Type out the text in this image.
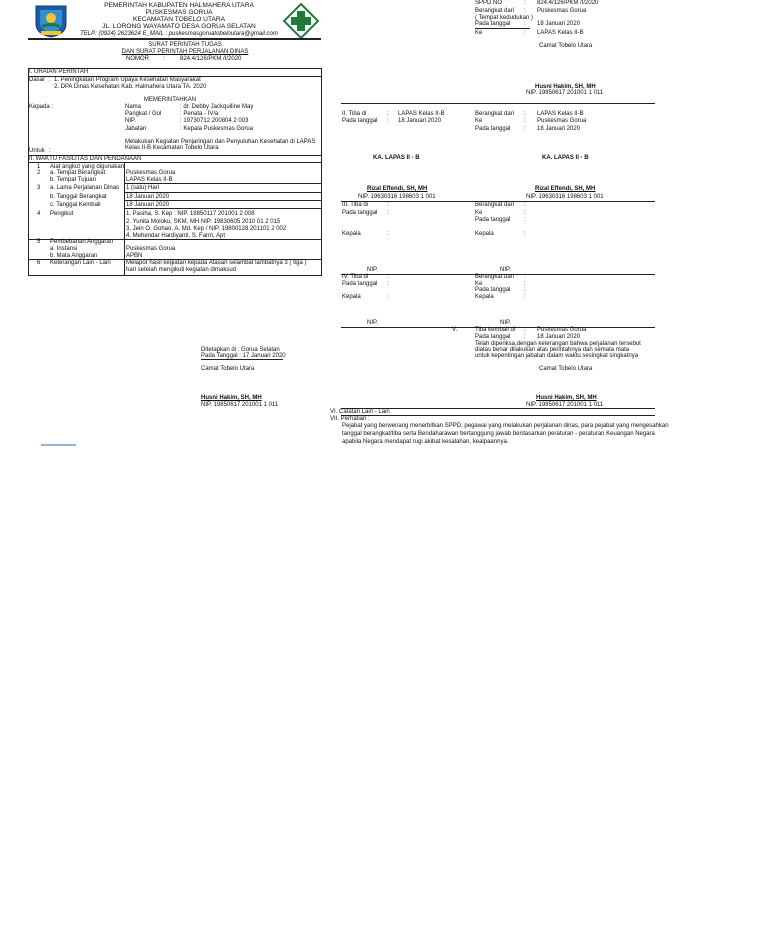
PEMERINTAH KABUPATEN HALMAHERA UTARA
PUSKESMAS GORUA
KECAMATAN TOBELO UTARA
JL. LORONG WAYAMATO DESA GORUA SELATAN
TELP: (0924) 2623624 E_MAIL : puskesmasgoruatobeloutara@gmail.com
SURAT PERINTAH TUGAS
DAN SURAT PERINTAH PERJALANAN DINAS
NOMOR :	824.4/126/PKM /I/2020
I. URAIAN PERINTAH
Dasar : 1. Peningkatan Program Upaya Kesehatan Masyarakat
2. DPA Dinas Kesehatan Kab. Halmahera Utara TA. 2020
MEMERINTAHKAN
Kepada :	Nama	: dr. Debby Jackquiline May
Pangkat / Gol	: Penata - IV/a
NIP.	: 19730712 200804 2 003
Jabatan	: Kepala Puskesmas Gorua
Melakukan Kegiatan Penjaringan dan Penyuluhan Kesehatan di LAPAS
Kelas II-B Kecamatan Tobelo Utara
Untuk :
II. WAKTU FASILITAS DAN PENDANAAN
1 Alat angkut yang digunakan
2 a. Tempat Berangkat	Puskesmas Gorua
b. Tempat Tujuan	LAPAS Kelas II-B
3 a. Lama Perjalanan Dinas 1 (satu) Hari
b. Tanggal Berangkat	18 Januari 2020
c. Tanggal Kembali	18 Januari 2020
4 Pengikut	1. Pasiha, S. Kep : NIP. 19850117 201001 2 008
2. Yunita Moloku, SKM, MH NIP. 19830605 2010 01 2 015
3. Jein O. Gohao, A. Md. Kep / NIP. 19800128 201101 2 002
4. Mehendar Hardiyanti, S. Farm, Apt
5 Pembebanan Anggaran
a. Instansi	Puskesmas Gorua
b. Mata Anggaran	APBN
6 Keterangan Lain - Lain	Melapor hasil kegiatan kepada Atasan selambat lambatnya 3 ( tiga )
hari setelah mengikuti kegiatan dimaksud
Ditetapkan di : Gorua Selatan
Pada Tanggal : 17 Januari 2020
Camat Tobelo Utara
Husni Hakim, SH, MH
NIP. 19850617 201001 1 011
SPPD NO	: 824.4/126/PKM /I/2020
Berangkat dari : Puskesmas Gorua
( Tempat kedudukan )
Pada tanggal : 18 Januari 2020
Ke	: LAPAS Kelas II-B
Camat Tobelo Utara
Husni Hakim, SH, MH
NIP. 19850617 201001 1 011
II. Tiba di	: LAPAS Kelas II-B
Pada tanggal : 18 Januari 2020
Berangkat dari : LAPAS Kelas II-B
Ke	: Puskesmas Gorua
Pada tanggal : 18 Januari 2020
KA. LAPAS II - B	KA. LAPAS II - B
Rizal Effendi, SH, MH	Rizal Effendi, SH, MH
NIP. 19630316 198603 1 001	NIP. 19630316 198603 1 001
III. Tiba di	:
Pada tanggal :
Kepala	:
Berangkat dari :
Ke	:
Pada tanggal :
Kepala	:
NIP.	NIP.
IV. Tiba di	:
Pada tanggal :
Kepala	:
Berangkat dari :
Ke	:
Pada tanggal :
Kepala	:
NIP.	NIP.
V.	Tiba kembali di : Puskesmas Gorua
Pada tanggal : 18 Januari 2020
Telah diperiksa,dengan keterangan bahwa perjalanan tersebut
diatas benar dilakukan atas perintahnya dan semata mata
untuk kepentingan jabatan dalam waktu sesingkat singkatnya
Camat Tobelo Utara
Husni Hakim, SH, MH
NIP. 19850617 201001 1 011
VI. Catatan Lain - Lain
VII. Perhatian :
Pejabat yang berwenang menerbitkan SPPD, pegawai yang melakukan perjalanan dinas, para pejabat yang mengesahkan
tanggal berangkat/tiba serta Bendaharawan bertanggung jawab berdasarkan peraturan - peraturan Keuangan Negara
apabila Negara mendapat rugi akibat kesalahan, kealpaannya.
